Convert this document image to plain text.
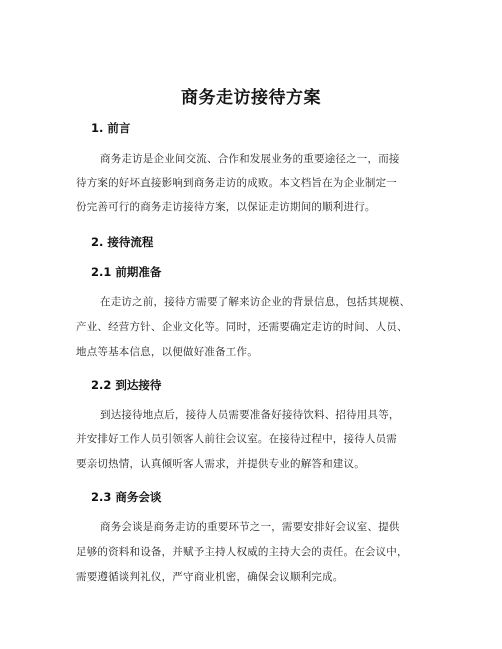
商务走访接待方案
1. 前言
商务走访是企业间交流、合作和发展业务的重要途径之一，而接
待方案的好坏直接影响到商务走访的成败。本文档旨在为企业制定一
份完善可行的商务走访接待方案，以保证走访期间的顺利进行。
2. 接待流程
2.1 前期准备
在走访之前，接待方需要了解来访企业的背景信息，包括其规模、
产业、经营方针、企业文化等。同时，还需要确定走访的时间、人员、
地点等基本信息，以便做好准备工作。
2.2 到达接待
到达接待地点后，接待人员需要准备好接待饮料、招待用具等，
并安排好工作人员引领客人前往会议室。在接待过程中，接待人员需
要亲切热情，认真倾听客人需求，并提供专业的解答和建议。
2.3 商务会谈
商务会谈是商务走访的重要环节之一，需要安排好会议室、提供
足够的资料和设备，并赋予主持人权威的主持大会的责任。在会议中，
需要遵循谈判礼仪，严守商业机密，确保会议顺利完成。
